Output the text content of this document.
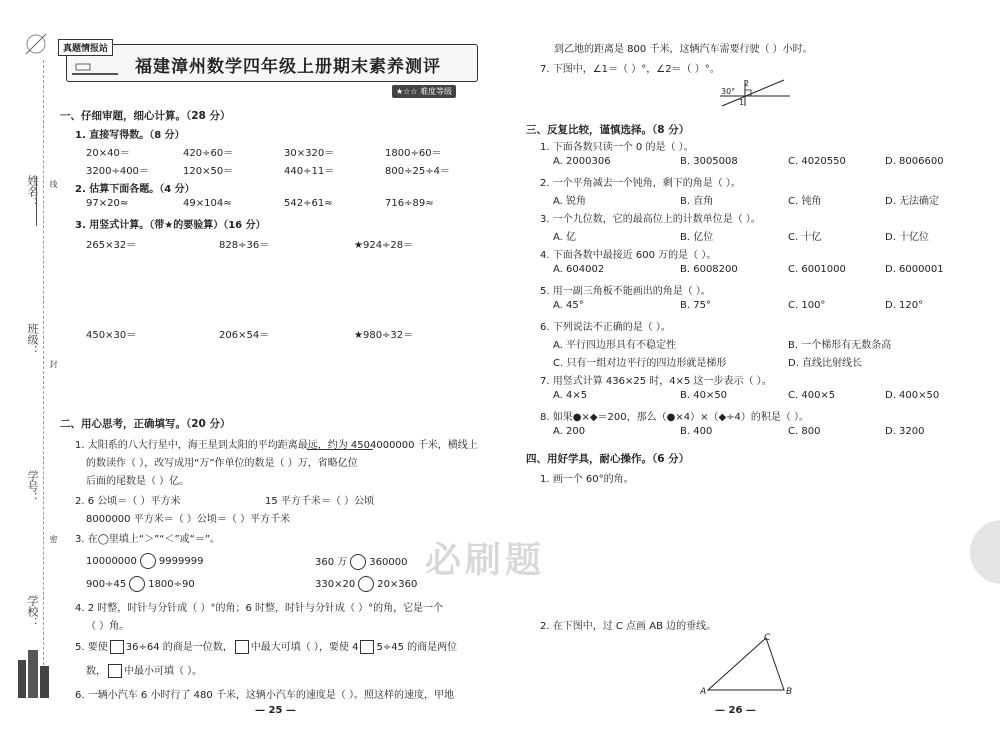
姓名：
班级：
学号：
学校：
线
封
密
真题情报站
福建漳州数学四年级上册期末素养测评
★☆☆ 难度等级
一、仔细审题，细心计算。（28 分）
1. 直接写得数。（8 分）
20×40＝	420÷60＝	30×320＝	1800÷60＝
3200÷400＝	120×50＝	440÷11＝	800÷25÷4＝
2. 估算下面各题。（4 分）
97×20≈	49×104≈	542÷61≈	716÷89≈
3. 用竖式计算。（带★的要验算）（16 分）
265×32＝	828÷36＝	★924÷28＝
450×30＝	206×54＝	★980÷32＝
二、用心思考，正确填写。（20 分）
1. 太阳系的八大行星中，海王星到太阳的平均距离最远，约为 4504000000 千米，横线上
的数读作（ ），改写成用“万”作单位的数是（ ）万，省略亿位
后面的尾数是（ ）亿。
2. 6 公顷＝（ ）平方米	15 平方千米＝（ ）公顷
8000000 平方米＝（ ）公顷＝（ ）平方千米
3. 在◯里填上“＞”“＜”或“＝”。
10000000 9999999	360 万 360000
900÷45 1800÷90	330×20 20×360
4. 2 时整，时针与分针成（ ）°的角；6 时整，时针与分针成（ ）°的角，它是一个
（ ）角。
5. 要使 36÷64 的商是一位数， 中最大可填（ ），要使 4 5÷45 的商是两位
数， 中最小可填（ ）。
6. 一辆小汽车 6 小时行了 480 千米，这辆小汽车的速度是（ ）。照这样的速度，甲地
— 25 —
到乙地的距离是 800 千米，这辆汽车需要行驶（ ）小时。
7. 下图中，∠1＝（ ）°，∠2＝（ ）°。
30°
1
2
三、反复比较，谨慎选择。（8 分）
1. 下面各数只读一个 0 的是（ ）。
A. 2000306	B. 3005008	C. 4020550	D. 8006600
2. 一个平角减去一个钝角，剩下的角是（ ）。
A. 锐角	B. 直角	C. 钝角	D. 无法确定
3. 一个九位数，它的最高位上的计数单位是（ ）。
A. 亿	B. 亿位	C. 十亿	D. 十亿位
4. 下面各数中最接近 600 万的是（ ）。
A. 604002	B. 6008200	C. 6001000	D. 6000001
5. 用一副三角板不能画出的角是（ ）。
A. 45°	B. 75°	C. 100°	D. 120°
6. 下列说法不正确的是（ ）。
A. 平行四边形具有不稳定性	B. 一个梯形有无数条高
C. 只有一组对边平行的四边形就是梯形	D. 直线比射线长
7. 用竖式计算 436×25 时，4×5 这一步表示（ ）。
A. 4×5	B. 40×50	C. 400×5	D. 400×50
8. 如果●×◆＝200，那么（●×4）×（◆÷4）的积是（ ）。
A. 200	B. 400	C. 800	D. 3200
四、用好学具，耐心操作。（6 分）
1. 画一个 60°的角。
必刷题
2. 在下图中，过 C 点画 AB 边的垂线。
A	B
C
— 26 —
